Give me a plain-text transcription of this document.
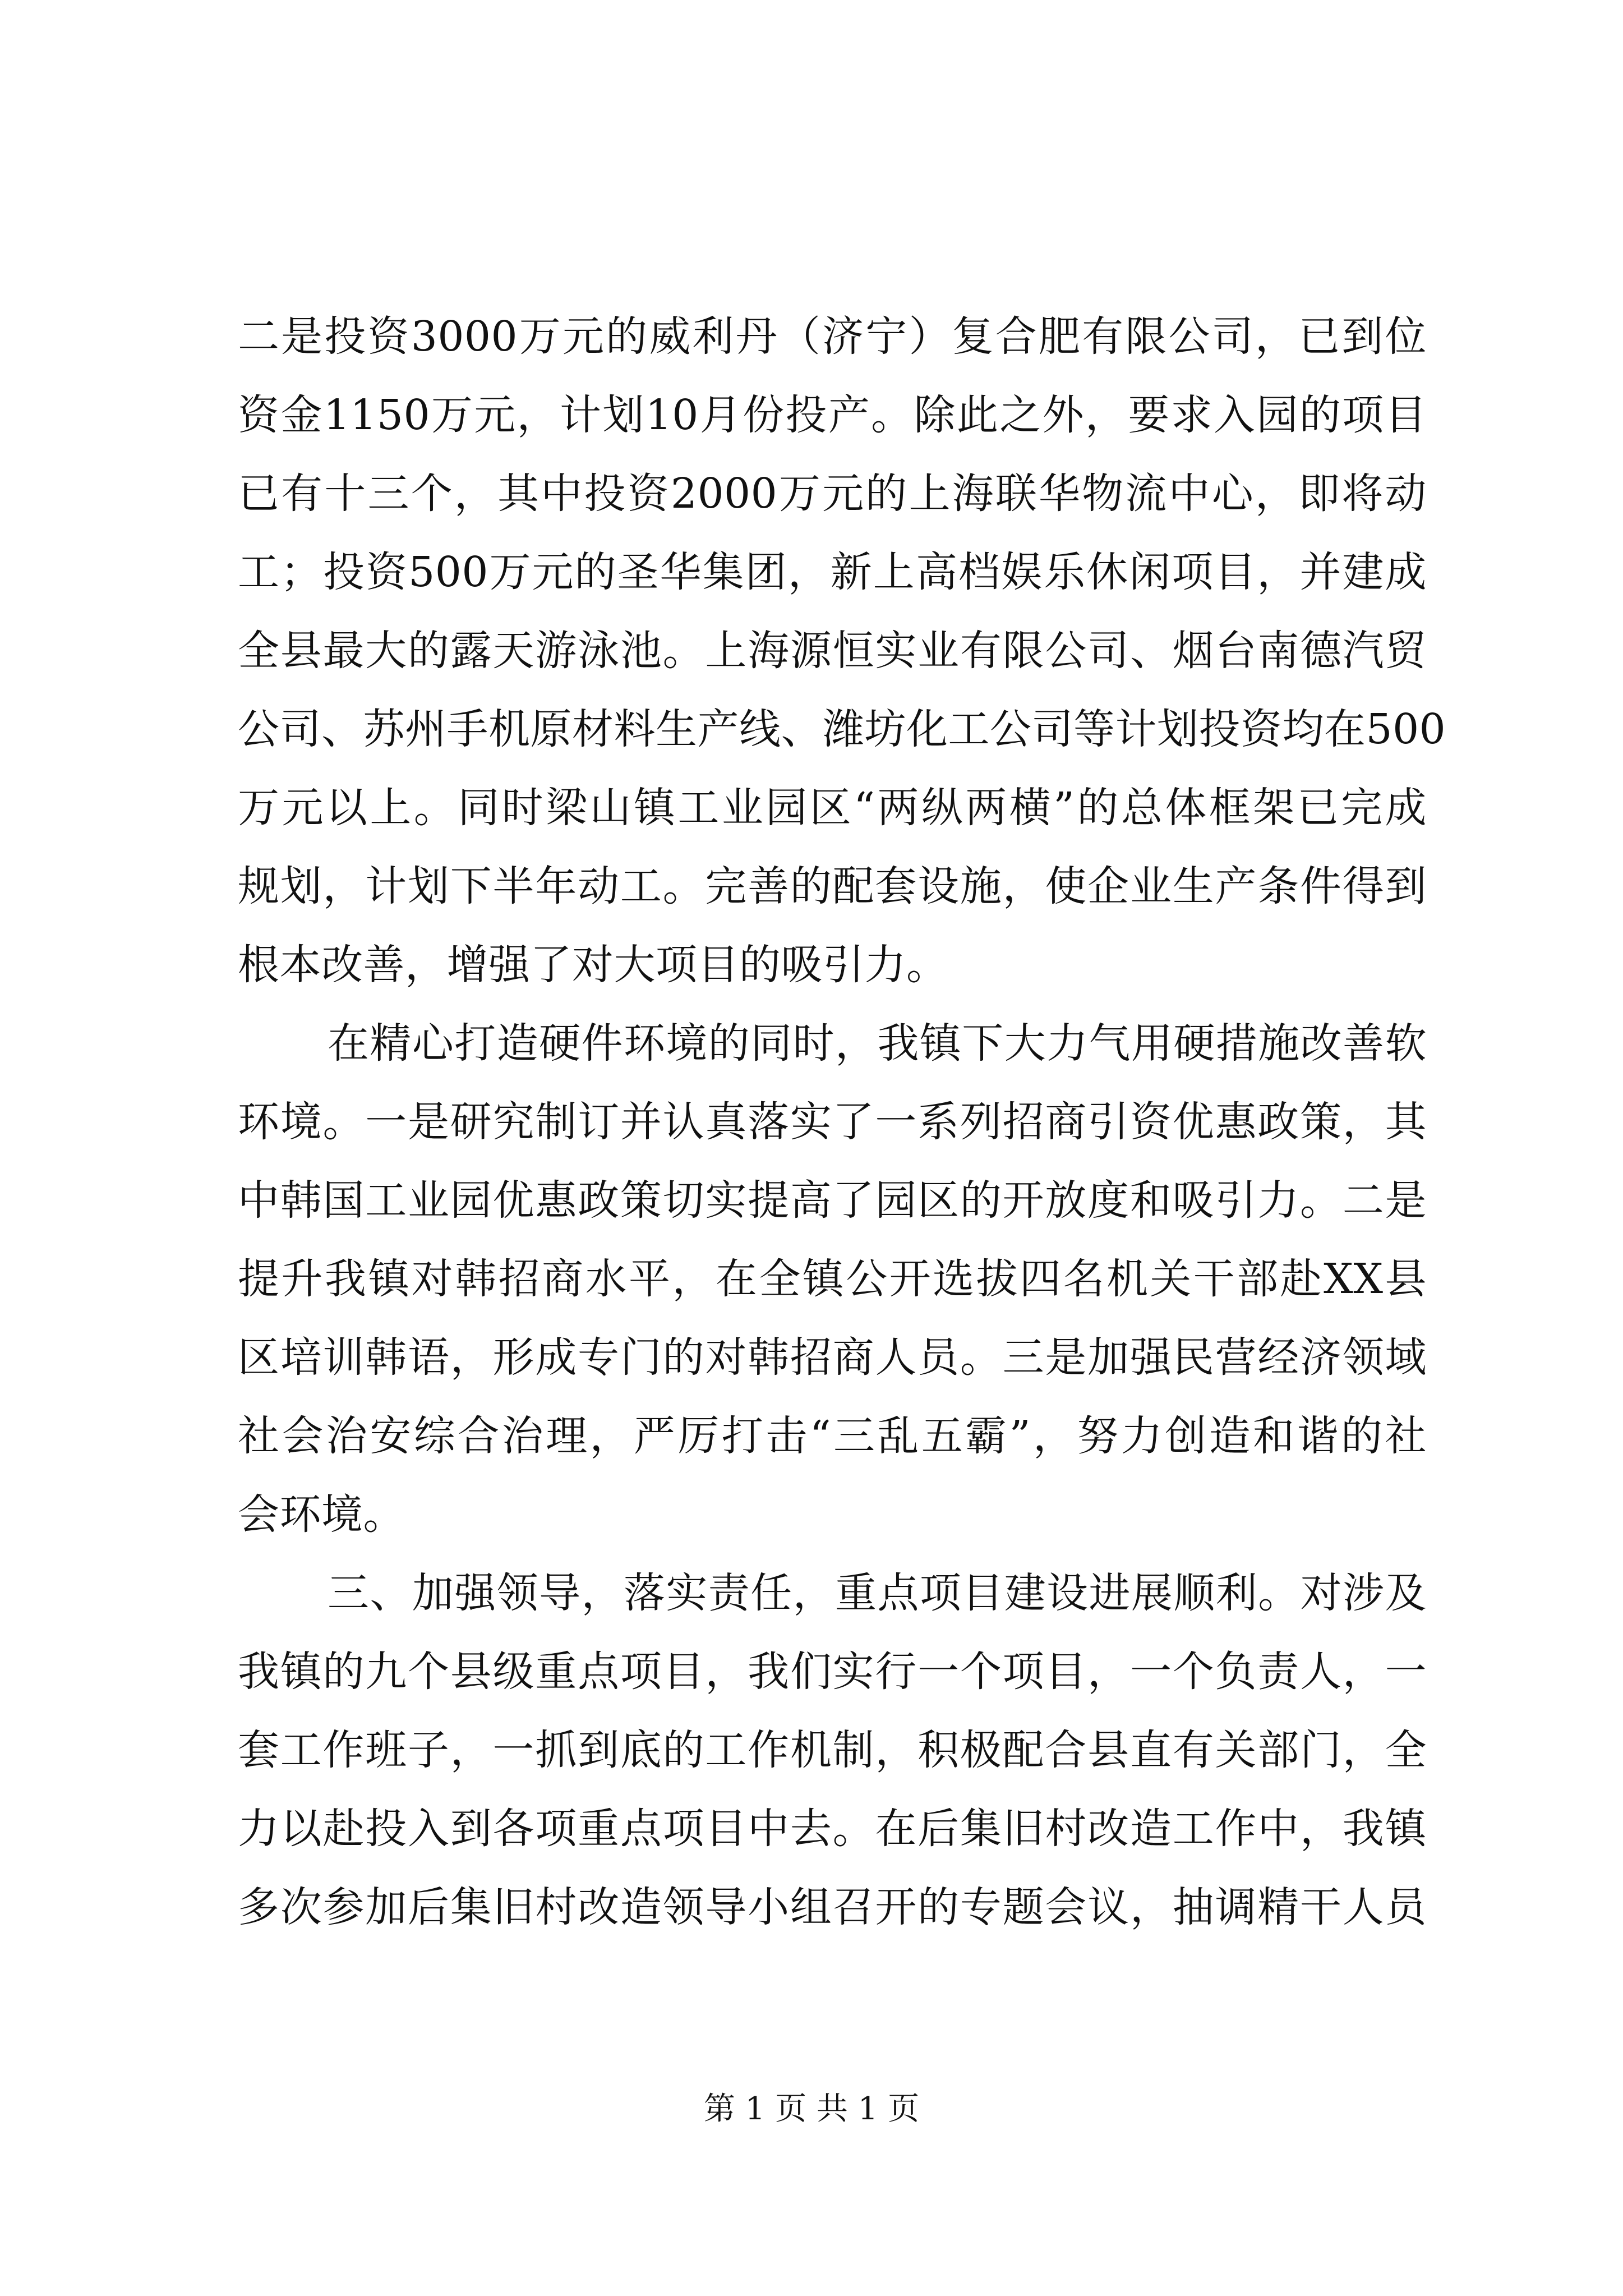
二是投资3000万元的威利丹（济宁）复合肥有限公司，已到位
资金1150万元，计划10月份投产。除此之外，要求入园的项目
已有十三个，其中投资2000万元的上海联华物流中心，即将动
工；投资500万元的圣华集团，新上高档娱乐休闲项目，并建成
全县最大的露天游泳池。上海源恒实业有限公司、烟台南德汽贸
公司、苏州手机原材料生产线、潍坊化工公司等计划投资均在500
万元以上。同时梁山镇工业园区“两纵两横”的总体框架已完成
规划，计划下半年动工。完善的配套设施，使企业生产条件得到
根本改善，增强了对大项目的吸引力。
在精心打造硬件环境的同时，我镇下大力气用硬措施改善软
环境。一是研究制订并认真落实了一系列招商引资优惠政策，其
中韩国工业园优惠政策切实提高了园区的开放度和吸引力。二是
提升我镇对韩招商水平，在全镇公开选拔四名机关干部赴XX县
区培训韩语，形成专门的对韩招商人员。三是加强民营经济领域
社会治安综合治理，严厉打击“三乱五霸”，努力创造和谐的社
会环境。
三、加强领导，落实责任，重点项目建设进展顺利。对涉及
我镇的九个县级重点项目，我们实行一个项目，一个负责人，一
套工作班子，一抓到底的工作机制，积极配合县直有关部门，全
力以赴投入到各项重点项目中去。在后集旧村改造工作中，我镇
多次参加后集旧村改造领导小组召开的专题会议，抽调精干人员
第 1 页 共 1 页
